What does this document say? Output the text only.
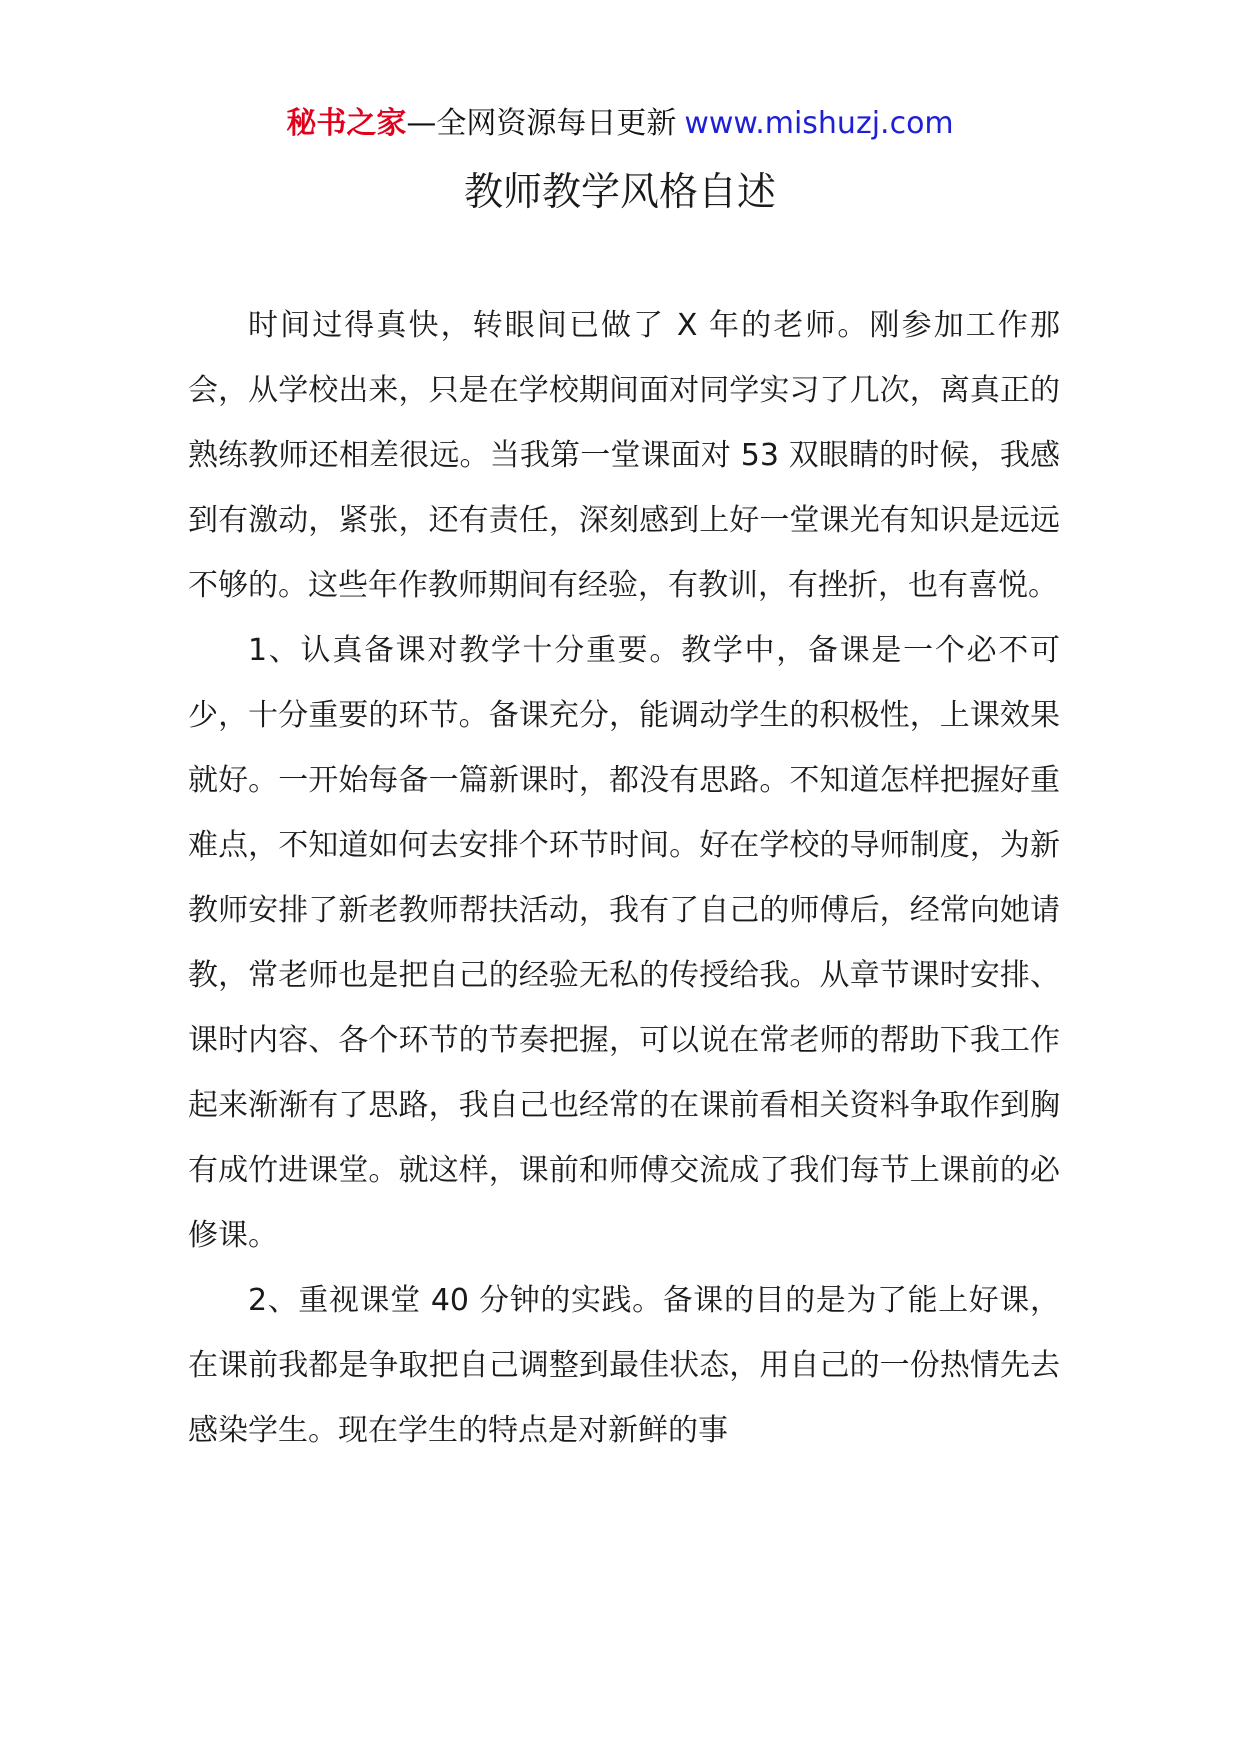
秘书之家—全网资源每日更新 www.mishuzj.com
教师教学风格自述

时间过得真快，转眼间已做了 X 年的老师。刚参加工作那会，从学校出来，只是在学校期间面对同学实习了几次，离真正的熟练教师还相差很远。当我第一堂课面对 53 双眼睛的时候，我感到有激动，紧张，还有责任，深刻感到上好一堂课光有知识是远远不够的。这些年作教师期间有经验，有教训，有挫折，也有喜悦。

1、认真备课对教学十分重要。教学中，备课是一个必不可少，十分重要的环节。备课充分，能调动学生的积极性，上课效果就好。一开始每备一篇新课时，都没有思路。不知道怎样把握好重难点，不知道如何去安排个环节时间。好在学校的导师制度，为新教师安排了新老教师帮扶活动，我有了自己的师傅后，经常向她请教，常老师也是把自己的经验无私的传授给我。从章节课时安排、课时内容、各个环节的节奏把握，可以说在常老师的帮助下我工作起来渐渐有了思路，我自己也经常的在课前看相关资料争取作到胸有成竹进课堂。就这样，课前和师傅交流成了我们每节上课前的必修课。

2、重视课堂 40 分钟的实践。备课的目的是为了能上好课，在课前我都是争取把自己调整到最佳状态，用自己的一份热情先去感染学生。现在学生的特点是对新鲜的事
